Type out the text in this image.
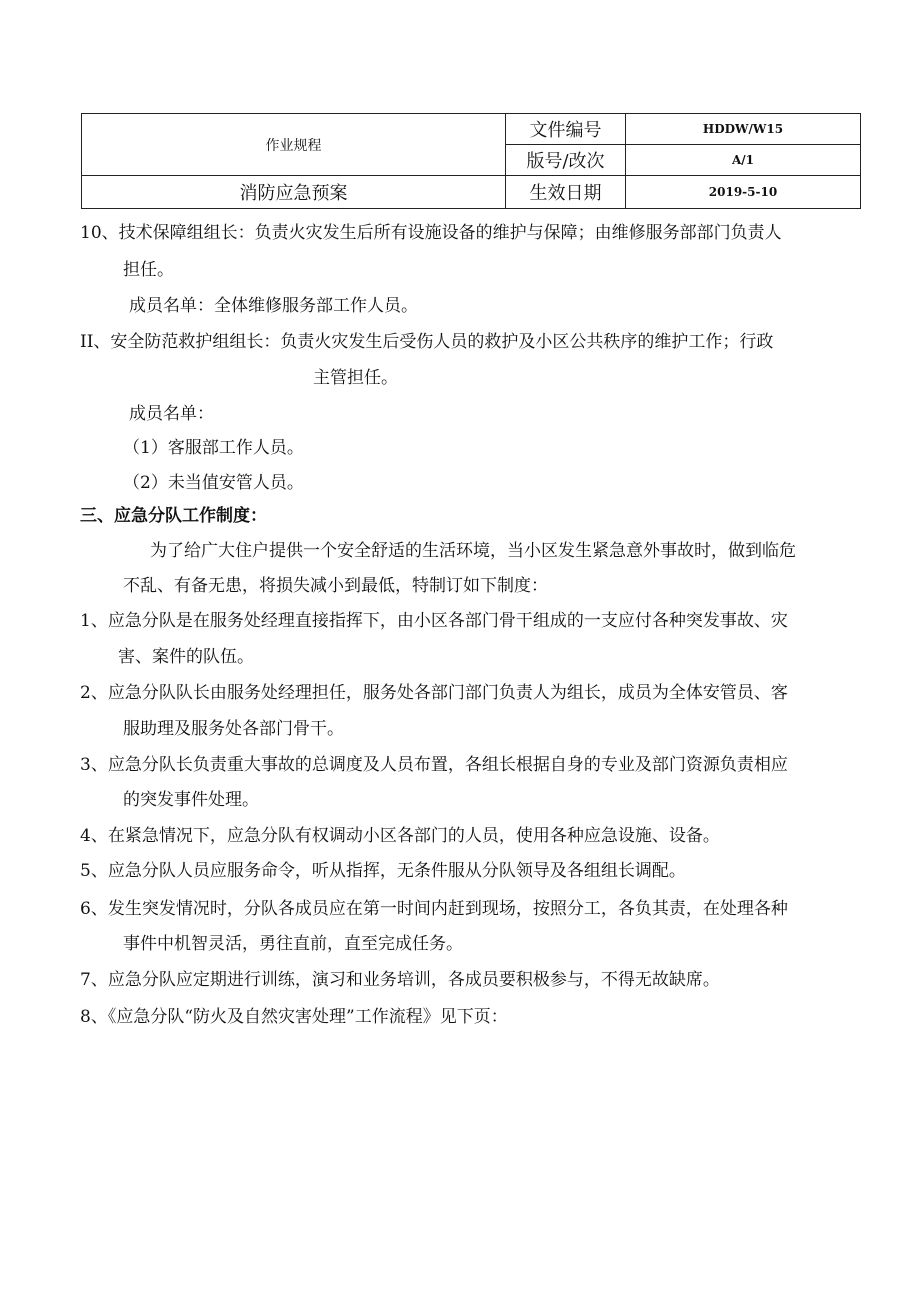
作业规程	文件编号	HDDW/W15
	版号/改次	A/1
消防应急预案	生效日期	2019-5-10
10、技术保障组组长：负责火灾发生后所有设施设备的维护与保障；由维修服务部部门负责人
担任。
成员名单：全体维修服务部工作人员。
II、安全防范救护组组长：负责火灾发生后受伤人员的救护及小区公共秩序的维护工作；行政
主管担任。
成员名单：
（1）客服部工作人员。
（2）未当值安管人员。
三、应急分队工作制度：
为了给广大住户提供一个安全舒适的生活环境，当小区发生紧急意外事故时，做到临危
不乱、有备无患，将损失减小到最低，特制订如下制度：
1、应急分队是在服务处经理直接指挥下，由小区各部门骨干组成的一支应付各种突发事故、灾
害、案件的队伍。
2、应急分队队长由服务处经理担任，服务处各部门部门负责人为组长，成员为全体安管员、客
服助理及服务处各部门骨干。
3、应急分队长负责重大事故的总调度及人员布置，各组长根据自身的专业及部门资源负责相应
的突发事件处理。
4、在紧急情况下，应急分队有权调动小区各部门的人员，使用各种应急设施、设备。
5、应急分队人员应服务命令，听从指挥，无条件服从分队领导及各组组长调配。
6、发生突发情况时，分队各成员应在第一时间内赶到现场，按照分工，各负其责，在处理各种
事件中机智灵活，勇往直前，直至完成任务。
7、应急分队应定期进行训练，演习和业务培训，各成员要积极参与，不得无故缺席。
8、《应急分队“防火及自然灾害处理”工作流程》见下页：
